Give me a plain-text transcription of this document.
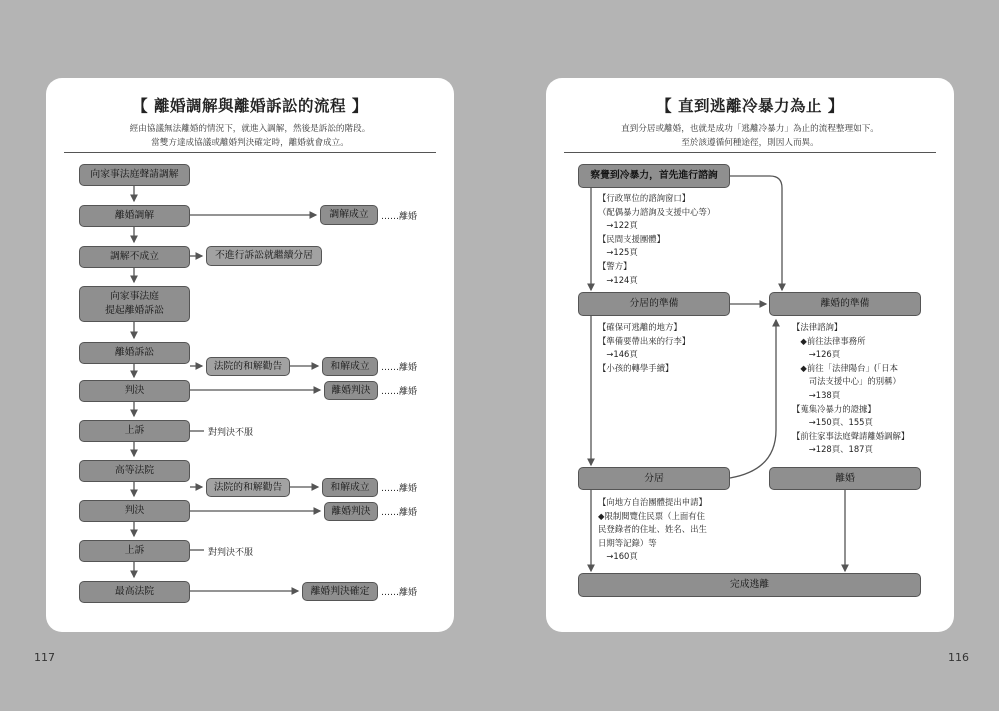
【 離婚調解與離婚訴訟的流程 】
經由協議無法離婚的情況下，就進入調解，然後是訴訟的階段。
當雙方達成協議或離婚判決確定時，離婚就會成立。
【 直到逃離冷暴力為止 】
直到分居或離婚，也就是成功「逃離冷暴力」為止的流程整理如下。
至於該遵循何種途徑，則因人而異。
向家事法庭聲請調解
離婚調解	調解成立	……離婚
調解不成立	不進行訴訟就繼續分居
向家事法庭
提起離婚訴訟
離婚訴訟
法院的和解勸告	和解成立	……離婚
判決	離婚判決	……離婚
上訴	對判決不服
高等法院
法院的和解勸告	和解成立	……離婚
判決	離婚判決	……離婚
上訴	對判決不服
最高法院	離婚判決確定	……離婚
117
察覺到冷暴力，首先進行諮詢
【行政單位的諮詢窗口】
（配偶暴力諮詢及支援中心等）
　→122頁
【民間支援團體】
　→125頁
【警方】
　→124頁
分居的準備	離婚的準備
【確保可逃離的地方】
【準備要帶出來的行李】
　→146頁
【小孩的轉學手續】
【法律諮詢】
　◆前往法律事務所
　　→126頁
　◆前往「法律陽台」(「日本
　　司法支援中心」的別稱）
　　→138頁
【蒐集冷暴力的證據】
　　→150頁、155頁
【前往家事法庭聲請離婚調解】
　　→128頁、187頁
分居	離婚
【向地方自治團體提出申請】
◆限制閱覽住民票（上面有住
民登錄者的住址、姓名、出生
日期等記錄）等
　→160頁
完成逃離
116
